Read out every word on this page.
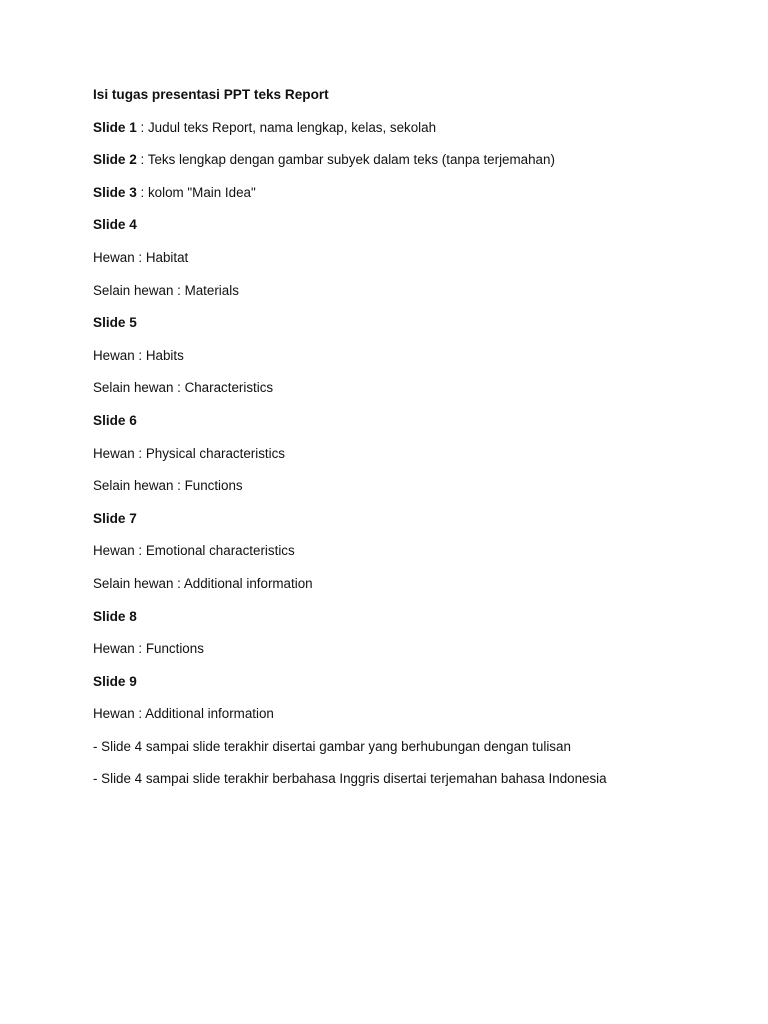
Isi tugas presentasi PPT teks Report
Slide 1 : Judul teks Report, nama lengkap, kelas, sekolah
Slide 2 : Teks lengkap dengan gambar subyek dalam teks (tanpa terjemahan)
Slide 3 : kolom "Main Idea"
Slide 4
Hewan : Habitat
Selain hewan : Materials
Slide 5
Hewan : Habits
Selain hewan : Characteristics
Slide 6
Hewan : Physical characteristics
Selain hewan : Functions
Slide 7
Hewan : Emotional characteristics
Selain hewan : Additional information
Slide 8
Hewan : Functions
Slide 9
Hewan : Additional information
- Slide 4 sampai slide terakhir disertai gambar yang berhubungan dengan tulisan
- Slide 4 sampai slide terakhir berbahasa Inggris disertai terjemahan bahasa Indonesia
